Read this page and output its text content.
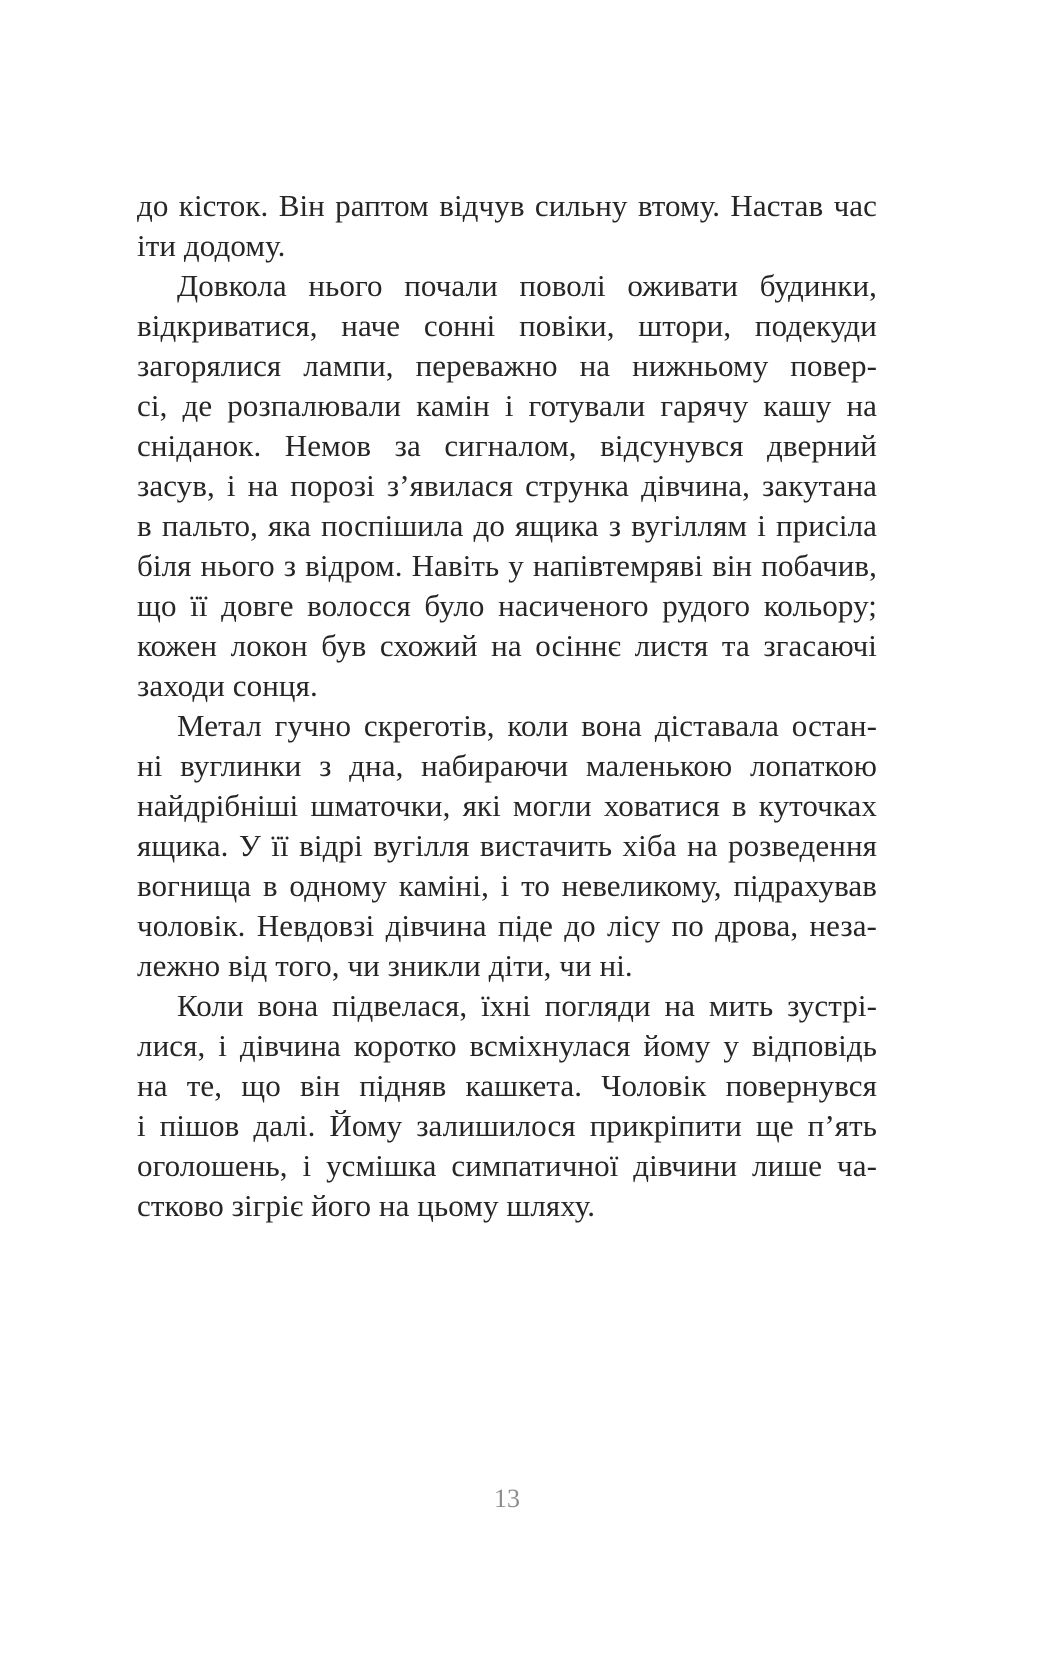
до кісток. Він раптом відчув сильну втому. Настав час
іти додому.
Довкола нього почали поволі оживати будинки,
відкриватися, наче сонні повіки, штори, подекуди
загорялися лампи, переважно на нижньому повер-
сі, де розпалювали камін і готували гарячу кашу на
сніданок. Немов за сигналом, відсунувся дверний
засув, і на порозі з’явилася струнка дівчина, закутана
в пальто, яка поспішила до ящика з вугіллям і присіла
біля нього з відром. Навіть у напівтемряві він побачив,
що її довге волосся було насиченого рудого кольору;
кожен локон був схожий на осіннє листя та згасаючі
заходи сонця.
Метал гучно скреготів, коли вона діставала остан-
ні вуглинки з дна, набираючи маленькою лопаткою
найдрібніші шматочки, які могли ховатися в куточках
ящика. У її відрі вугілля вистачить хіба на розведення
вогнища в одному каміні, і то невеликому, підрахував
чоловік. Невдовзі дівчина піде до лісу по дрова, неза-
лежно від того, чи зникли діти, чи ні.
Коли вона підвелася, їхні погляди на мить зустрі-
лися, і дівчина коротко всміхнулася йому у відповідь
на те, що він підняв кашкета. Чоловік повернувся
і пішов далі. Йому залишилося прикріпити ще п’ять
оголошень, і усмішка симпатичної дівчини лише ча-
стково зігріє його на цьому шляху.
13
